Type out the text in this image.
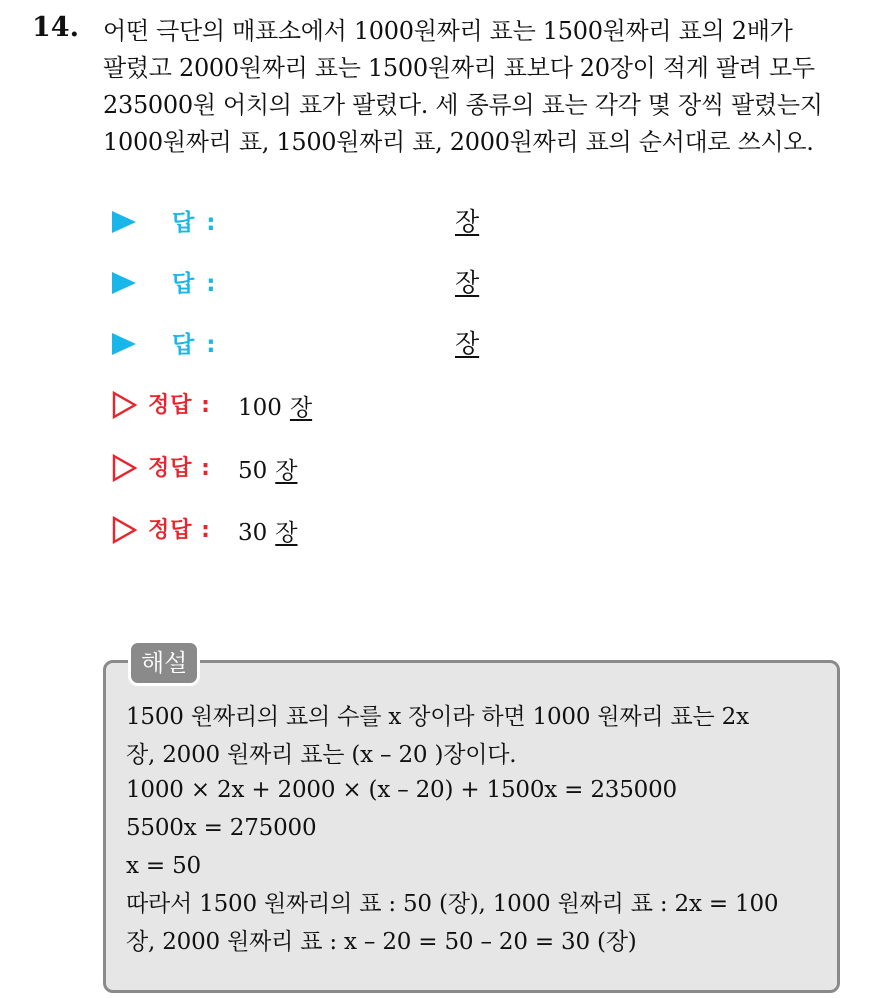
14. 어떤 극단의 매표소에서 1000원짜리 표는 1500원짜리 표의 2배가
팔렸고 2000원짜리 표는 1500원짜리 표보다 20장이 적게 팔려 모두
235000원 어치의 표가 팔렸다. 세 종류의 표는 각각 몇 장씩 팔렸는지
1000원짜리 표, 1500원짜리 표, 2000원짜리 표의 순서대로 쓰시오.
답 :	장
답 :	장
답 :	장
정답 : 100 장
정답 : 50 장
정답 : 30 장
해설
1500 원짜리의 표의 수를 x 장이라 하면 1000 원짜리 표는 2x
장, 2000 원짜리 표는 (x – 20 )장이다.
1000 × 2x + 2000 × (x – 20) + 1500x = 235000
5500x = 275000
x = 50
따라서 1500 원짜리의 표 : 50 (장), 1000 원짜리 표 : 2x = 100
장, 2000 원짜리 표 : x – 20 = 50 – 20 = 30 (장)
